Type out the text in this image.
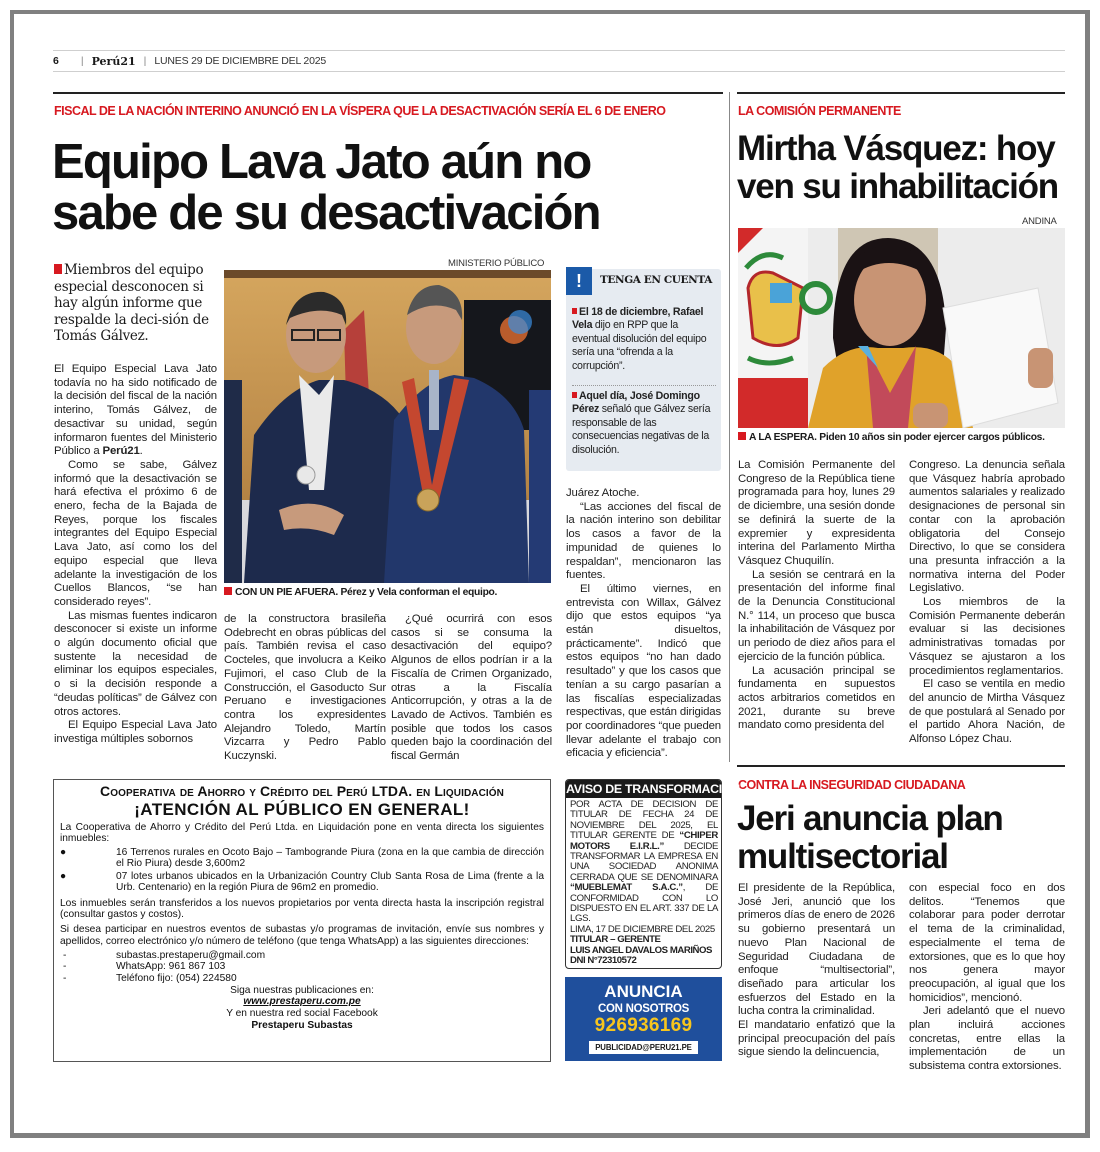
6 | Perú21 | LUNES 29 DE DICIEMBRE DEL 2025
FISCAL DE LA NACIÓN INTERINO ANUNCIÓ EN LA VÍSPERA QUE LA DESACTIVACIÓN SERÍA EL 6 DE ENERO
Equipo Lava Jato aún no
sabe de su desactivación
Miembros del equipo especial desconocen si hay algún informe que respalde la deci-sión de Tomás Gálvez.
MINISTERIO PÚBLICO
CON UN PIE AFUERA. Pérez y Vela conforman el equipo.

El Equipo Especial Lava Jato todavía no ha sido notificado de la decisión del fiscal de la nación interino, Tomás Gálvez, de desactivar su unidad, según informaron fuentes del Ministerio Público a Perú21.

Como se sabe, Gálvez informó que la desactivación se hará efectiva el próximo 6 de enero, fecha de la Bajada de Reyes, porque los fiscales integrantes del Equipo Especial Lava Jato, así como los del equipo especial que lleva adelante la investigación de los Cuellos Blancos, “se han considerado reyes”.

Las mismas fuentes indicaron desconocer si existe un informe o algún documento oficial que sustente la necesidad de eliminar los equipos especiales, o si la decisión responde a “deudas políticas” de Gálvez con otros actores.

El Equipo Especial Lava Jato investiga múltiples sobornos

de la constructora brasileña Odebrecht en obras públicas del país. También revisa el caso Cocteles, que involucra a Keiko Fujimori, el caso Club de la Construcción, el Gasoducto Sur Peruano e investigaciones contra los expresidentes Alejandro Toledo, Martín Vizcarra y Pedro Pablo Kuczynski.

¿Qué ocurrirá con esos casos si se consuma la desactivación del equipo? Algunos de ellos podrían ir a la Fiscalía de Crimen Organizado, otras a la Fiscalía Anticorrupción, y otras a la de Lavado de Activos. También es posible que todos los casos queden bajo la coordinación del fiscal Germán

Juárez Atoche.

“Las acciones del fiscal de la nación interino son debilitar los casos a favor de la impunidad de quienes lo respaldan”, mencionaron las fuentes.

El último viernes, en entrevista con Willax, Gálvez dijo que estos equipos “ya están disueltos, prácticamente”. Indicó que estos equipos “no han dado resultado” y que los casos que tenían a su cargo pasarían a las fiscalías especializadas respectivas, que están dirigidas por coordinadores “que pueden llevar adelante el trabajo con eficacia y eficiencia”.

!	TENGA EN CUENTA
El 18 de diciembre, Rafael Vela dijo en RPP que la eventual disolución del equipo sería una “ofrenda a la corrupción”.
Aquel día, José Domingo Pérez señaló que Gálvez sería responsable de las consecuencias negativas de la disolución.
LA COMISIÓN PERMANENTE
Mirtha Vásquez: hoy
ven su inhabilitación
ANDINA
A LA ESPERA. Piden 10 años sin poder ejercer cargos públicos.

La Comisión Permanente del Congreso de la República tiene programada para hoy, lunes 29 de diciembre, una sesión donde se definirá la suerte de la expremier y expresidenta interina del Parlamento Mirtha Vásquez Chuquilín.

La sesión se centrará en la presentación del informe final de la Denuncia Constitucional N.° 114, un proceso que busca la inhabilitación de Vásquez por un periodo de diez años para el ejercicio de la función pública.

La acusación principal se fundamenta en supuestos actos arbitrarios cometidos en 2021, durante su breve mandato como presidenta del

Congreso. La denuncia señala que Vásquez habría aprobado aumentos salariales y realizado designaciones de personal sin contar con la aprobación obligatoria del Consejo Directivo, lo que se considera una presunta infracción a la normativa interna del Poder Legislativo.

Los miembros de la Comisión Permanente deberán evaluar si las decisiones administrativas tomadas por Vásquez se ajustaron a los procedimientos reglamentarios.

El caso se ventila en medio del anuncio de Mirtha Vásquez de que postulará al Senado por el partido Ahora Nación, de Alfonso López Chau.

CONTRA LA INSEGURIDAD CIUDADANA
Jeri anuncia plan
multisectorial

El presidente de la República, José Jeri, anunció que los primeros días de enero de 2026 su gobierno presentará un nuevo Plan Nacional de Seguridad Ciudadana de enfoque “multisectorial”, diseñado para articular los esfuerzos del Estado en la lucha contra la criminalidad.

El mandatario enfatizó que la principal preocupación del país sigue siendo la delincuencia,

con especial foco en dos delitos. “Tenemos que colaborar para poder derrotar el tema de la criminalidad, especialmente el tema de extorsiones, que es lo que hoy nos genera mayor preocupación, al igual que los homicidios”, mencionó.

Jeri adelantó que el nuevo plan incluirá acciones concretas, entre ellas la implementación de un subsistema contra extorsiones.

Cooperativa de Ahorro y Crédito del Perú LTDA. en Liquidación
¡ATENCIÓN AL PÚBLICO EN GENERAL!
La Cooperativa de Ahorro y Crédito del Perú Ltda. en Liquidación pone en venta directa los siguientes inmuebles:
●	16 Terrenos rurales en Ocoto Bajo – Tambogrande Piura (zona en la que cambia de dirección el Rio Piura) desde 3,600m2
●	07 lotes urbanos ubicados en la Urbanización Country Club Santa Rosa de Lima (frente a la Urb. Centenario) en la región Piura de 96m2 en promedio.
Los inmuebles serán transferidos a los nuevos propietarios por venta directa hasta la inscripción registral (consultar gastos y costos).
Si desea participar en nuestros eventos de subastas y/o programas de invitación, envíe sus nombres y apellidos, correo electrónico y/o número de teléfono (que tenga WhatsApp) a las siguientes direcciones:
-	subastas.prestaperu@gmail.com
-	WhatsApp: 961 867 103
-	Teléfono fijo: (054) 224580
Siga nuestras publicaciones en:
www.prestaperu.com.pe
Y en nuestra red social Facebook
Prestaperu Subastas
AVISO DE TRANSFORMACIÓN
POR ACTA DE DECISION DE TITULAR DE FECHA 24 DE NOVIEMBRE DEL 2025, EL TITULAR GERENTE DE “CHIPER MOTORS E.I.R.L.” DECIDE TRANSFORMAR LA EMPRESA EN UNA SOCIEDAD ANONIMA CERRADA QUE SE DENOMINARA “MUEBLEMAT S.A.C.”, DE CONFORMIDAD CON LO DISPUESTO EN EL ART. 337 DE LA LGS.
LIMA, 17 DE DICIEMBRE DEL 2025
TITULAR – GERENTE
LUIS ANGEL DAVALOS MARIÑOS
DNI N°72310572
ANUNCIA
CON NOSOTROS
926936169
PUBLICIDAD@PERU21.PE
